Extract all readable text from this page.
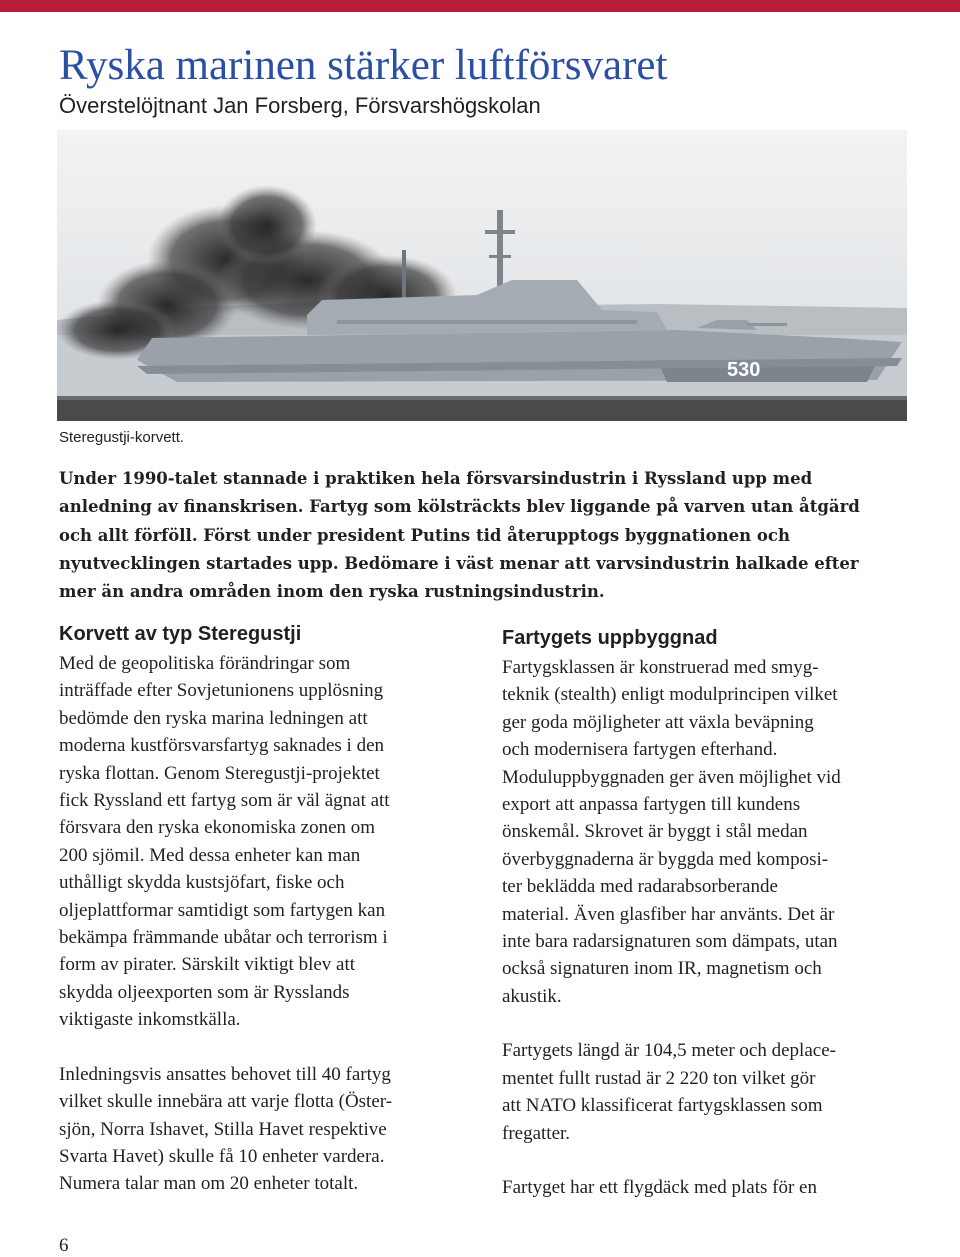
Ryska marinen stärker luftförsvaret
Överstelöjtnant Jan Forsberg, Försvarshögskolan
530
Steregustji-korvett.
Under 1990-talet stannade i praktiken hela försvarsindustrin i Ryssland upp med
anledning av finanskrisen. Fartyg som kölsträckts blev liggande på varven utan åtgärd
och allt förföll. Först under president Putins tid återupptogs byggnationen och
nyutvecklingen startades upp. Bedömare i väst menar att varvsindustrin halkade efter
mer än andra områden inom den ryska rustningsindustrin.
Korvett av typ Steregustji

Med de geopolitiska förändringar som
inträffade efter Sovjetunionens upplösning
bedömde den ryska marina ledningen att
moderna kustförsvarsfartyg saknades i den
ryska flottan. Genom Steregustji-projektet
fick Ryssland ett fartyg som är väl ägnat att
försvara den ryska ekonomiska zonen om
200 sjömil. Med dessa enheter kan man
uthålligt skydda kustsjöfart, fiske och
oljeplattformar samtidigt som fartygen kan
bekämpa främmande ubåtar och terrorism i
form av pirater. Särskilt viktigt blev att
skydda oljeexporten som är Rysslands
viktigaste inkomstkälla.

Inledningsvis ansattes behovet till 40 fartyg
vilket skulle innebära att varje flotta (Öster-
sjön, Norra Ishavet, Stilla Havet respektive
Svarta Havet) skulle få 10 enheter vardera.
Numera talar man om 20 enheter totalt.

Fartygets uppbyggnad

Fartygsklassen är konstruerad med smyg-
teknik (stealth) enligt modulprincipen vilket
ger goda möjligheter att växla beväpning
och modernisera fartygen efterhand.
Moduluppbyggnaden ger även möjlighet vid
export att anpassa fartygen till kundens
önskemål. Skrovet är byggt i stål medan
överbyggnaderna är byggda med komposi-
ter beklädda med radarabsorberande
material. Även glasfiber har använts. Det är
inte bara radarsignaturen som dämpats, utan
också signaturen inom IR, magnetism och
akustik.

Fartygets längd är 104,5 meter och deplace-
mentet fullt rustad är 2 220 ton vilket gör
att NATO klassificerat fartygsklassen som
fregatter.

Fartyget har ett flygdäck med plats för en

6
